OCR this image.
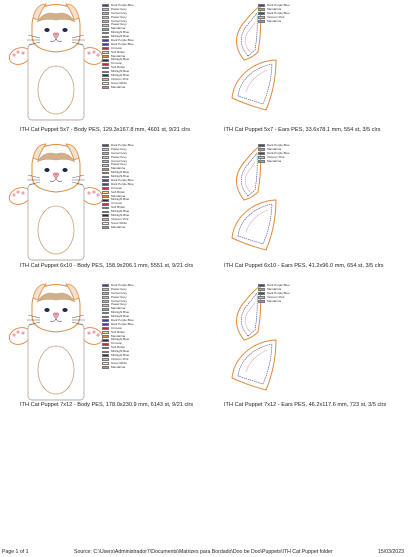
Dark Purple Blue
Pastel Grey
Camel Grey
Pastel Grey
Camel Grey
Pastel Grey
Mandarina
Midnight Blue
Midnight Blue
Dark Purple Blue
Dark Purple Blue
Crimson
Soft Butter
Mandarina
Midnight Blue
Crimson
Soft Butter
Midnight Blue
Midnight Blue
Vintsom Pink
Snow White
Mandarina
ITH Cat Puppet 5x7 - Body PES, 129.3x167.8 mm, 4601 st, 9/21 clrs
Dark Purple Blue
Mandarina
Dark Purple Blue
Vintsom Pink
Mandarina
ITH Cat Puppet 5x7 - Ears PES, 33.6x78.1 mm, 554 st, 3/5 clrs
Dark Purple Blue
Pastel Grey
Camel Grey
Pastel Grey
Camel Grey
Pastel Grey
Mandarina
Midnight Blue
Midnight Blue
Dark Purple Blue
Dark Purple Blue
Crimson
Soft Butter
Mandarina
Midnight Blue
Crimson
Soft Butter
Midnight Blue
Midnight Blue
Vintsom Pink
Snow White
Mandarina
ITH Cat Puppet 6x10 - Body PES, 158.9x206.1 mm, 5551 st, 9/21 clrs
Dark Purple Blue
Mandarina
Dark Purple Blue
Vintsom Pink
Mandarina
ITH Cat Puppet 6x10 - Ears PES, 41.2x96.0 mm, 654 st, 3/5 clrs
Dark Purple Blue
Pastel Grey
Camel Grey
Pastel Grey
Camel Grey
Pastel Grey
Mandarina
Midnight Blue
Midnight Blue
Dark Purple Blue
Dark Purple Blue
Crimson
Soft Butter
Mandarina
Midnight Blue
Crimson
Soft Butter
Midnight Blue
Midnight Blue
Vintsom Pink
Snow White
Mandarina
ITH Cat Puppet 7x12 - Body PES, 178.0x230.9 mm, 6143 st, 9/21 clrs
Dark Purple Blue
Mandarina
Dark Purple Blue
Vintsom Pink
Mandarina
ITH Cat Puppet 7x12 - Ears PES, 46.2x117.6 mm, 723 st, 3/5 clrs
Page 1 of 1	Source: C:\Users\Administrador7\Documents\Matrizes para Bordado\Doo be Doo\Puppets\ITH Cat Puppet folder	15/03/2023
